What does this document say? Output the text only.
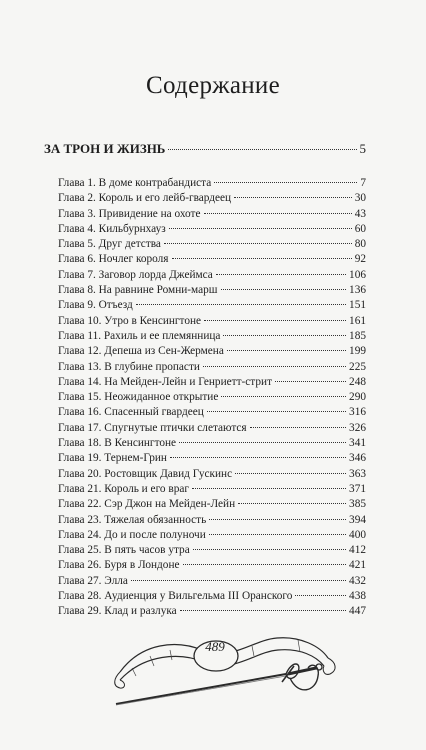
Содержание
ЗА ТРОН И ЖИЗНЬ	5
Глава 1. В доме контрабандиста	7
Глава 2. Король и его лейб-гвардеец	30
Глава 3. Привидение на охоте	43
Глава 4. Кильбурнхауз	60
Глава 5. Друг детства	80
Глава 6. Ночлег короля	92
Глава 7. Заговор лорда Джеймса	106
Глава 8. На равнине Ромни-марш	136
Глава 9. Отъезд	151
Глава 10. Утро в Кенсингтоне	161
Глава 11. Рахиль и ее племянница	185
Глава 12. Депеша из Сен-Жермена	199
Глава 13. В глубине пропасти	225
Глава 14. На Мейден-Лейн и Генриетт-стрит	248
Глава 15. Неожиданное открытие	290
Глава 16. Спасенный гвардеец	316
Глава 17. Спугнутые птички слетаются	326
Глава 18. В Кенсингтоне	341
Глава 19. Тернем-Грин	346
Глава 20. Ростовщик Давид Гускинс	363
Глава 21. Король и его враг	371
Глава 22. Сэр Джон на Мейден-Лейн	385
Глава 23. Тяжелая обязанность	394
Глава 24. До и после полуночи	400
Глава 25. В пять часов утра	412
Глава 26. Буря в Лондоне	421
Глава 27. Элла	432
Глава 28. Аудиенция у Вильгельма III Оранского	438
Глава 29. Клад и разлука	447
489
